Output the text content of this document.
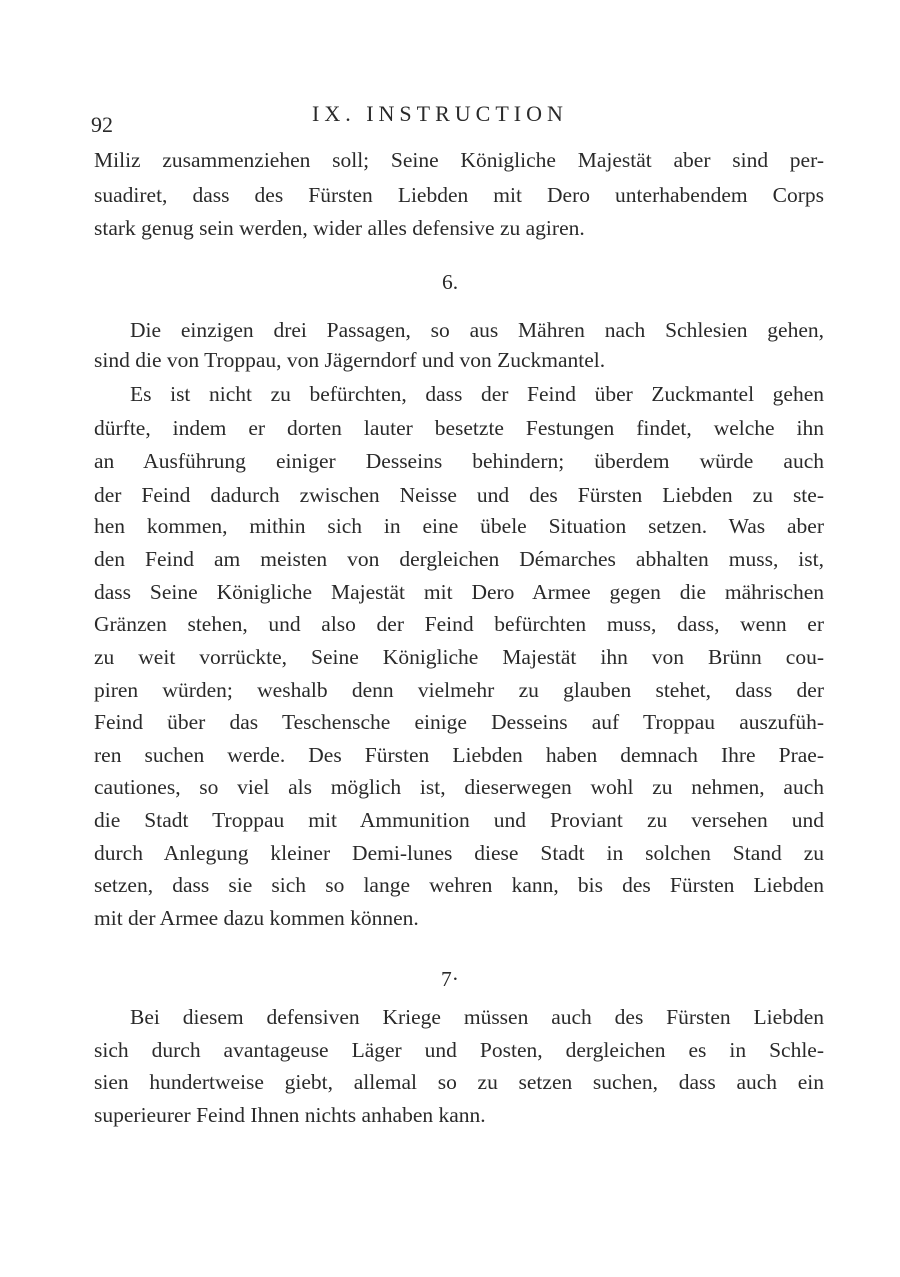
92	IX. INSTRUCTION
Miliz zusammenziehen soll; Seine Königliche Majestät aber sind per-
suadiret, dass des Fürsten Liebden mit Dero unterhabendem Corps
stark genug sein werden, wider alles defensive zu agiren.
6.
Die einzigen drei Passagen, so aus Mähren nach Schlesien gehen,
sind die von Troppau, von Jägerndorf und von Zuckmantel.
Es ist nicht zu befürchten, dass der Feind über Zuckmantel gehen
dürfte, indem er dorten lauter besetzte Festungen findet, welche ihn
an Ausführung einiger Desseins behindern; überdem würde auch
der Feind dadurch zwischen Neisse und des Fürsten Liebden zu ste-
hen kommen, mithin sich in eine übele Situation setzen. Was aber
den Feind am meisten von dergleichen Démarches abhalten muss, ist,
dass Seine Königliche Majestät mit Dero Armee gegen die mährischen
Gränzen stehen, und also der Feind befürchten muss, dass, wenn er
zu weit vorrückte, Seine Königliche Majestät ihn von Brünn cou-
piren würden; weshalb denn vielmehr zu glauben stehet, dass der
Feind über das Teschensche einige Desseins auf Troppau auszufüh-
ren suchen werde. Des Fürsten Liebden haben demnach Ihre Prae-
cautiones, so viel als möglich ist, dieserwegen wohl zu nehmen, auch
die Stadt Troppau mit Ammunition und Proviant zu versehen und
durch Anlegung kleiner Demi-lunes diese Stadt in solchen Stand zu
setzen, dass sie sich so lange wehren kann, bis des Fürsten Liebden
mit der Armee dazu kommen können.
7·
Bei diesem defensiven Kriege müssen auch des Fürsten Liebden
sich durch avantageuse Läger und Posten, dergleichen es in Schle-
sien hundertweise giebt, allemal so zu setzen suchen, dass auch ein
superieurer Feind Ihnen nichts anhaben kann.
